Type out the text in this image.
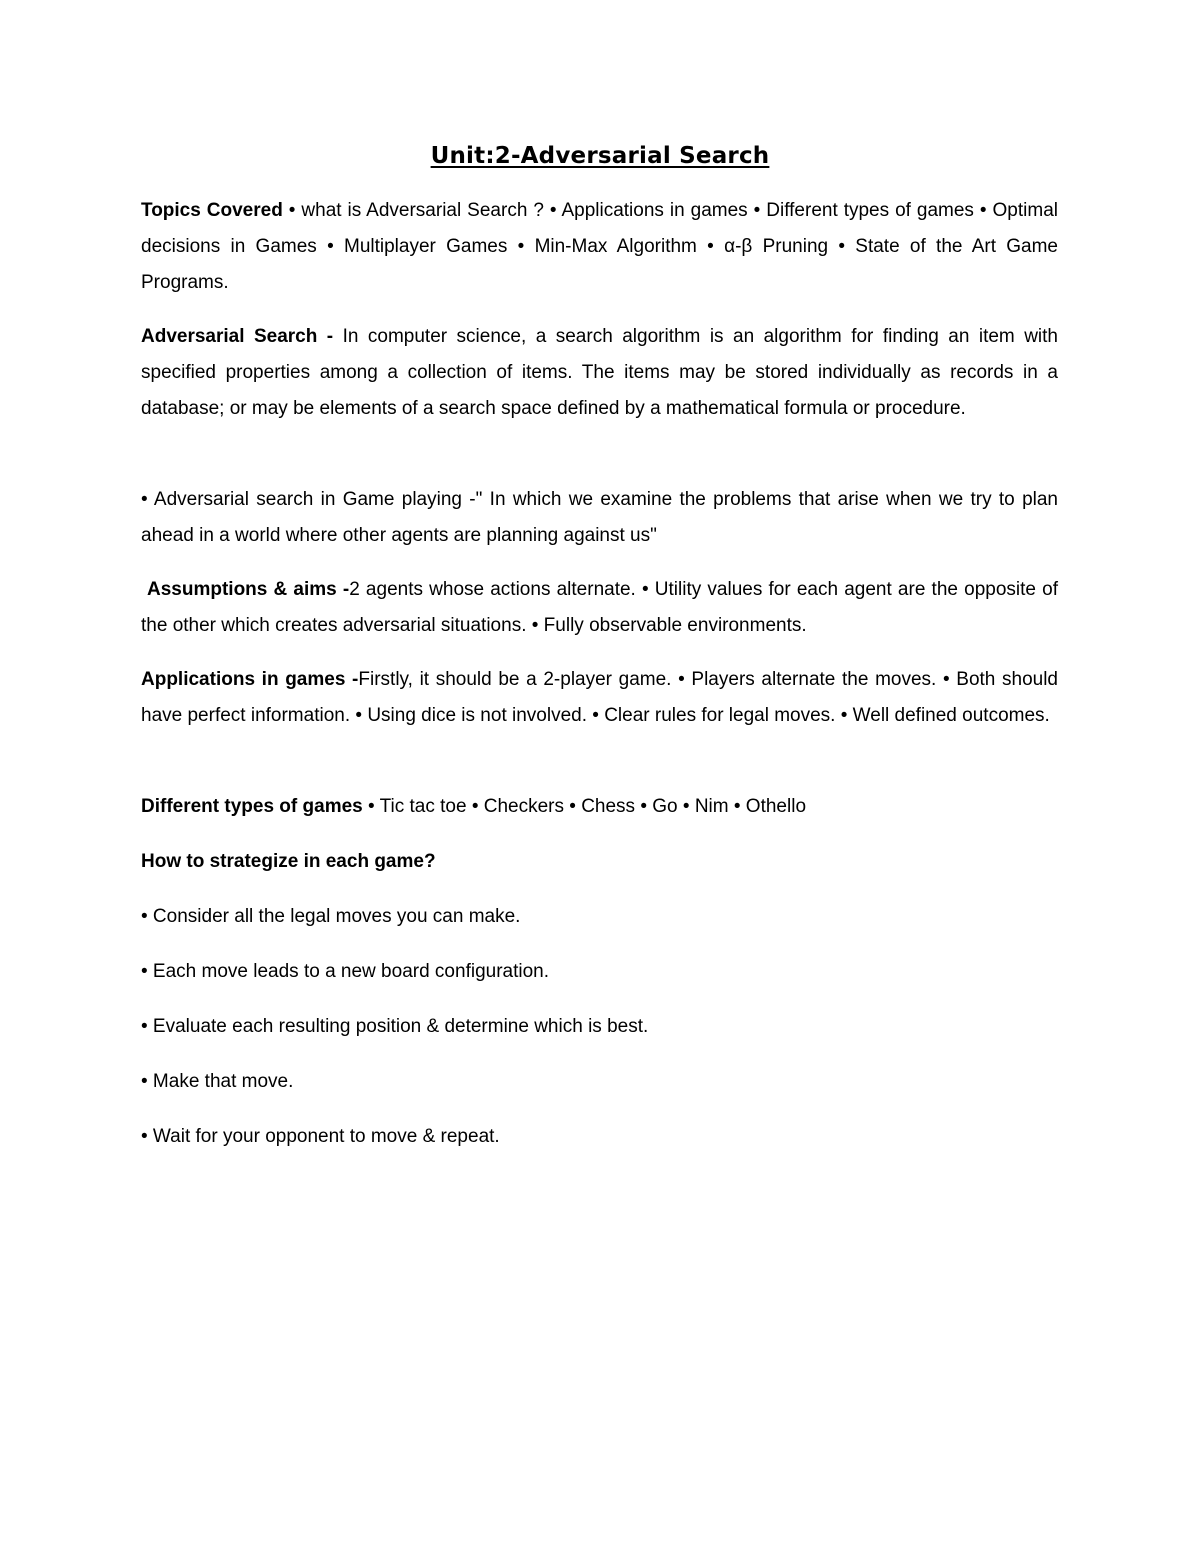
Unit:2-Adversarial Search
Topics Covered • what is Adversarial Search ? • Applications in games • Different types of games • Optimal decisions in Games • Multiplayer Games • Min-Max Algorithm • α-β Pruning • State of the Art Game Programs.
Adversarial Search - In computer science, a search algorithm is an algorithm for finding an item with specified properties among a collection of items. The items may be stored individually as records in a database; or may be elements of a search space defined by a mathematical formula or procedure.
• Adversarial search in Game playing -" In which we examine the problems that arise when we try to plan ahead in a world where other agents are planning against us"
Assumptions & aims -2 agents whose actions alternate. • Utility values for each agent are the opposite of the other which creates adversarial situations. • Fully observable environments.
Applications in games -Firstly, it should be a 2-player game. • Players alternate the moves. • Both should have perfect information. • Using dice is not involved. • Clear rules for legal moves. • Well defined outcomes.
Different types of games • Tic tac toe • Checkers • Chess • Go • Nim • Othello
How to strategize in each game?
• Consider all the legal moves you can make.
• Each move leads to a new board configuration.
• Evaluate each resulting position & determine which is best.
• Make that move.
• Wait for your opponent to move & repeat.
